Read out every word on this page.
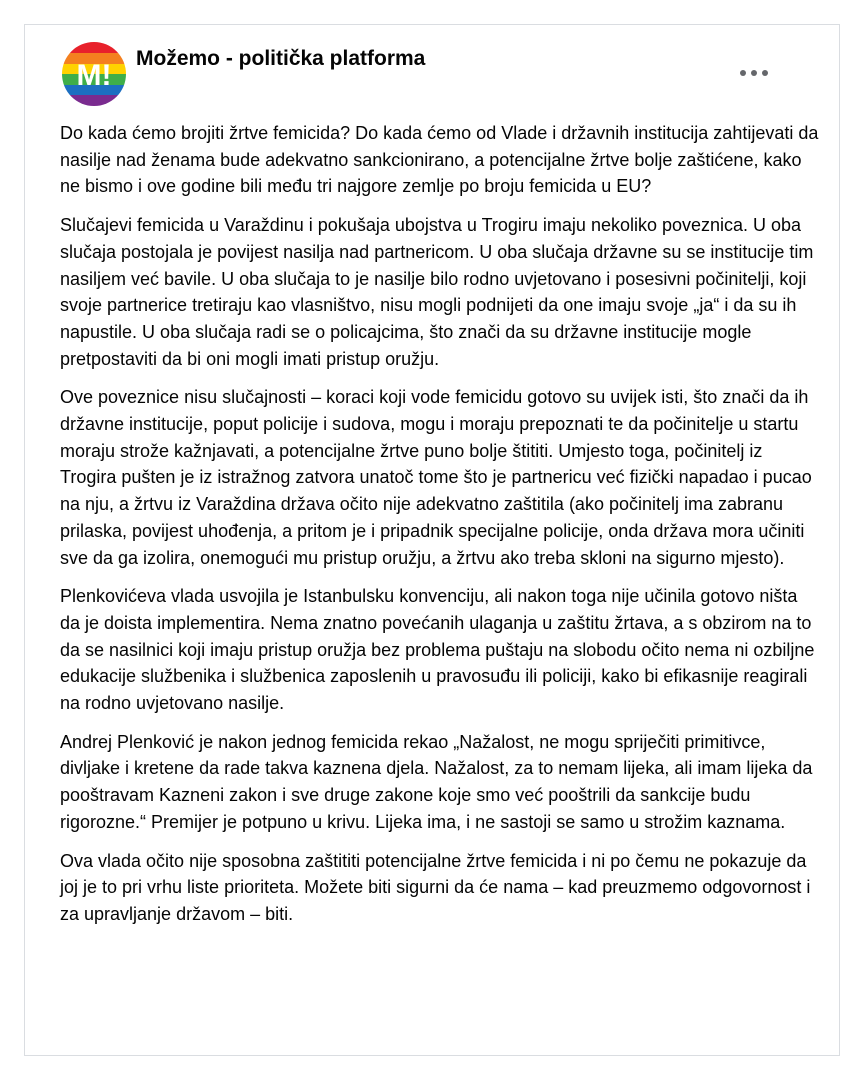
M!
Možemo - politička platforma

Do kada ćemo brojiti žrtve femicida? Do kada ćemo od Vlade i državnih institucija zahtijevati da nasilje nad ženama bude adekvatno sankcionirano, a potencijalne žrtve bolje zaštićene, kako ne bismo i ove godine bili među tri najgore zemlje po broju femicida u EU?

Slučajevi femicida u Varaždinu i pokušaja ubojstva u Trogiru imaju nekoliko poveznica. U oba slučaja postojala je povijest nasilja nad partnericom. U oba slučaja državne su se institucije tim nasiljem već bavile. U oba slučaja to je nasilje bilo rodno uvjetovano i posesivni počinitelji, koji svoje partnerice tretiraju kao vlasništvo, nisu mogli podnijeti da one imaju svoje „ja“ i da su ih napustile. U oba slučaja radi se o policajcima, što znači da su državne institucije mogle pretpostaviti da bi oni mogli imati pristup oružju.

Ove poveznice nisu slučajnosti – koraci koji vode femicidu gotovo su uvijek isti, što znači da ih državne institucije, poput policije i sudova, mogu i moraju prepoznati te da počinitelje u startu moraju strože kažnjavati, a potencijalne žrtve puno bolje štititi. Umjesto toga, počinitelj iz Trogira pušten je iz istražnog zatvora unatoč tome što je partnericu već fizički napadao i pucao na nju, a žrtvu iz Varaždina država očito nije adekvatno zaštitila (ako počinitelj ima zabranu prilaska, povijest uhođenja, a pritom je i pripadnik specijalne policije, onda država mora učiniti sve da ga izolira, onemogući mu pristup oružju, a žrtvu ako treba skloni na sigurno mjesto).

Plenkovićeva vlada usvojila je Istanbulsku konvenciju, ali nakon toga nije učinila gotovo ništa da je doista implementira. Nema znatno povećanih ulaganja u zaštitu žrtava, a s obzirom na to da se nasilnici koji imaju pristup oružja bez problema puštaju na slobodu očito nema ni ozbiljne edukacije službenika i službenica zaposlenih u pravosuđu ili policiji, kako bi efikasnije reagirali na rodno uvjetovano nasilje.

Andrej Plenković je nakon jednog femicida rekao „Nažalost, ne mogu spriječiti primitivce, divljake i kretene da rade takva kaznena djela. Nažalost, za to nemam lijeka, ali imam lijeka da pooštravam Kazneni zakon i sve druge zakone koje smo već pooštrili da sankcije budu rigorozne.“ Premijer je potpuno u krivu. Lijeka ima, i ne sastoji se samo u strožim kaznama.

Ova vlada očito nije sposobna zaštititi potencijalne žrtve femicida i ni po čemu ne pokazuje da joj je to pri vrhu liste prioriteta. Možete biti sigurni da će nama – kad preuzmemo odgovornost i za upravljanje državom – biti.
